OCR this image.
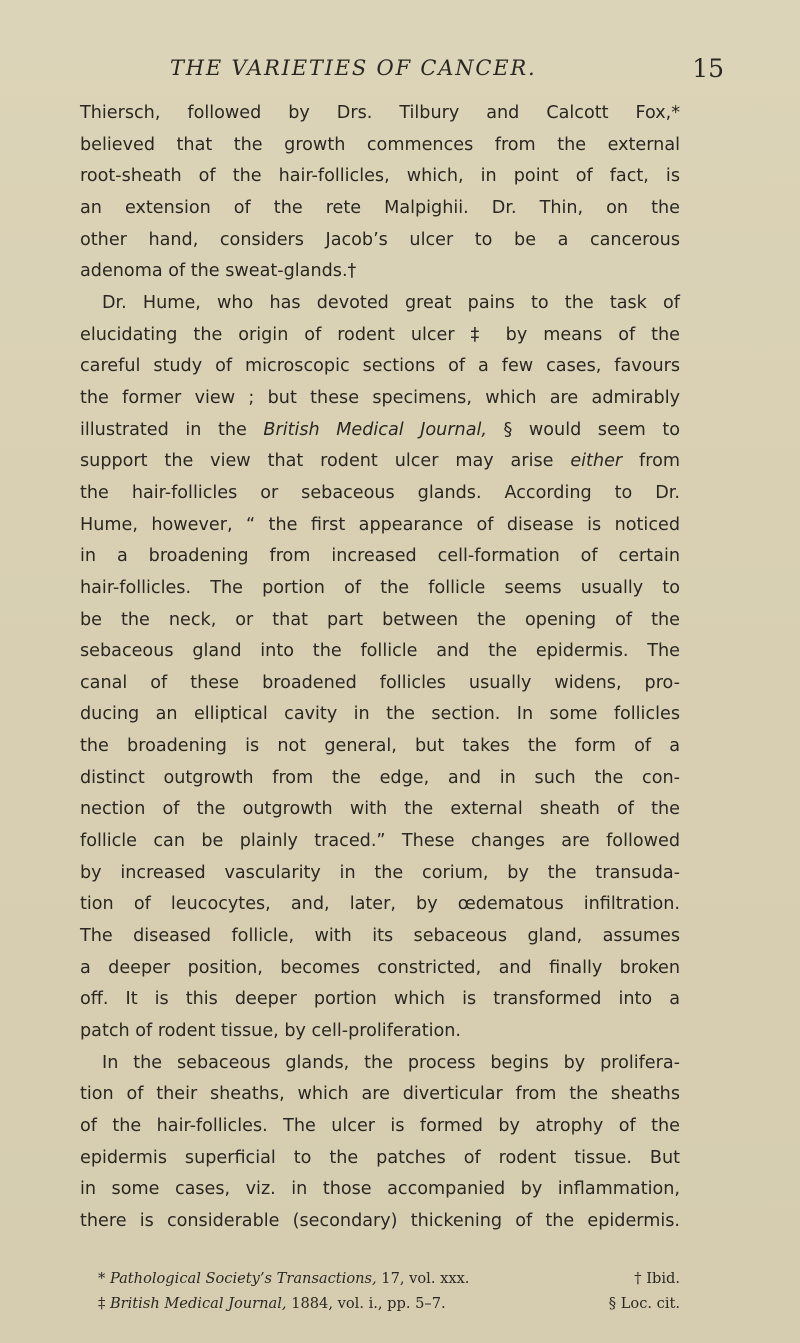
THE VARIETIES OF CANCER.	15
Thiersch, followed by Drs. Tilbury and Calcott Fox,*
believed that the growth commences from the external
root-sheath of the hair-follicles, which, in point of fact, is
an extension of the rete Malpighii. Dr. Thin, on the
other hand, considers Jacob’s ulcer to be a cancerous
adenoma of the sweat-glands.†
Dr. Hume, who has devoted great pains to the task of
elucidating the origin of rodent ulcer ‡ by means of the
careful study of microscopic sections of a few cases, favours
the former view ; but these specimens, which are admirably
illustrated in the British Medical Journal, § would seem to
support the view that rodent ulcer may arise either from
the hair-follicles or sebaceous glands. According to Dr.
Hume, however, “ the first appearance of disease is noticed
in a broadening from increased cell-formation of certain
hair-follicles. The portion of the follicle seems usually to
be the neck, or that part between the opening of the
sebaceous gland into the follicle and the epidermis. The
canal of these broadened follicles usually widens, pro-
ducing an elliptical cavity in the section. In some follicles
the broadening is not general, but takes the form of a
distinct outgrowth from the edge, and in such the con-
nection of the outgrowth with the external sheath of the
follicle can be plainly traced.” These changes are followed
by increased vascularity in the corium, by the transuda-
tion of leucocytes, and, later, by œdematous infiltration.
The diseased follicle, with its sebaceous gland, assumes
a deeper position, becomes constricted, and finally broken
off. It is this deeper portion which is transformed into a
patch of rodent tissue, by cell-proliferation.
In the sebaceous glands, the process begins by prolifera-
tion of their sheaths, which are diverticular from the sheaths
of the hair-follicles. The ulcer is formed by atrophy of the
epidermis superficial to the patches of rodent tissue. But
in some cases, viz. in those accompanied by inflammation,
there is considerable (secondary) thickening of the epidermis.
* Pathological Society’s Transactions, 17, vol. xxx.	† Ibid.
‡ British Medical Journal, 1884, vol. i., pp. 5–7.	§ Loc. cit.
